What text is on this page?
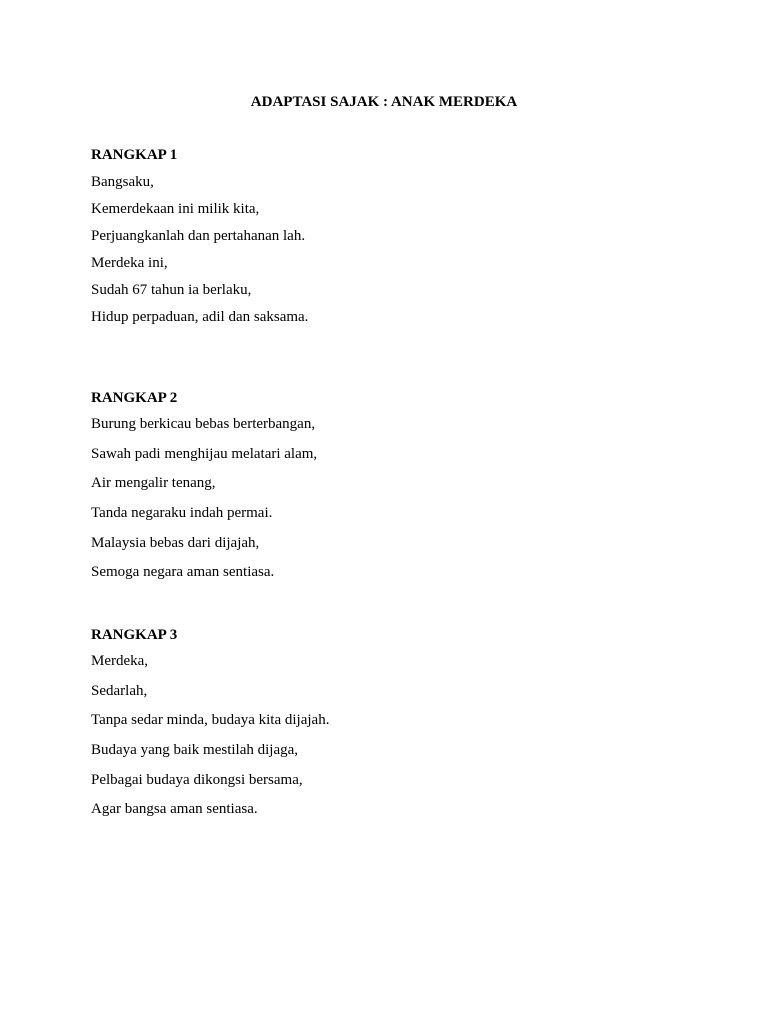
ADAPTASI SAJAK : ANAK MERDEKA
RANGKAP 1
Bangsaku,
Kemerdekaan ini milik kita,
Perjuangkanlah dan pertahanan lah.
Merdeka ini,
Sudah 67 tahun ia berlaku,
Hidup perpaduan, adil dan saksama.
RANGKAP 2
Burung berkicau bebas berterbangan,
Sawah padi menghijau melatari alam,
Air mengalir tenang,
Tanda negaraku indah permai.
Malaysia bebas dari dijajah,
Semoga negara aman sentiasa.
RANGKAP 3
Merdeka,
Sedarlah,
Tanpa sedar minda, budaya kita dijajah.
Budaya yang baik mestilah dijaga,
Pelbagai budaya dikongsi bersama,
Agar bangsa aman sentiasa.
